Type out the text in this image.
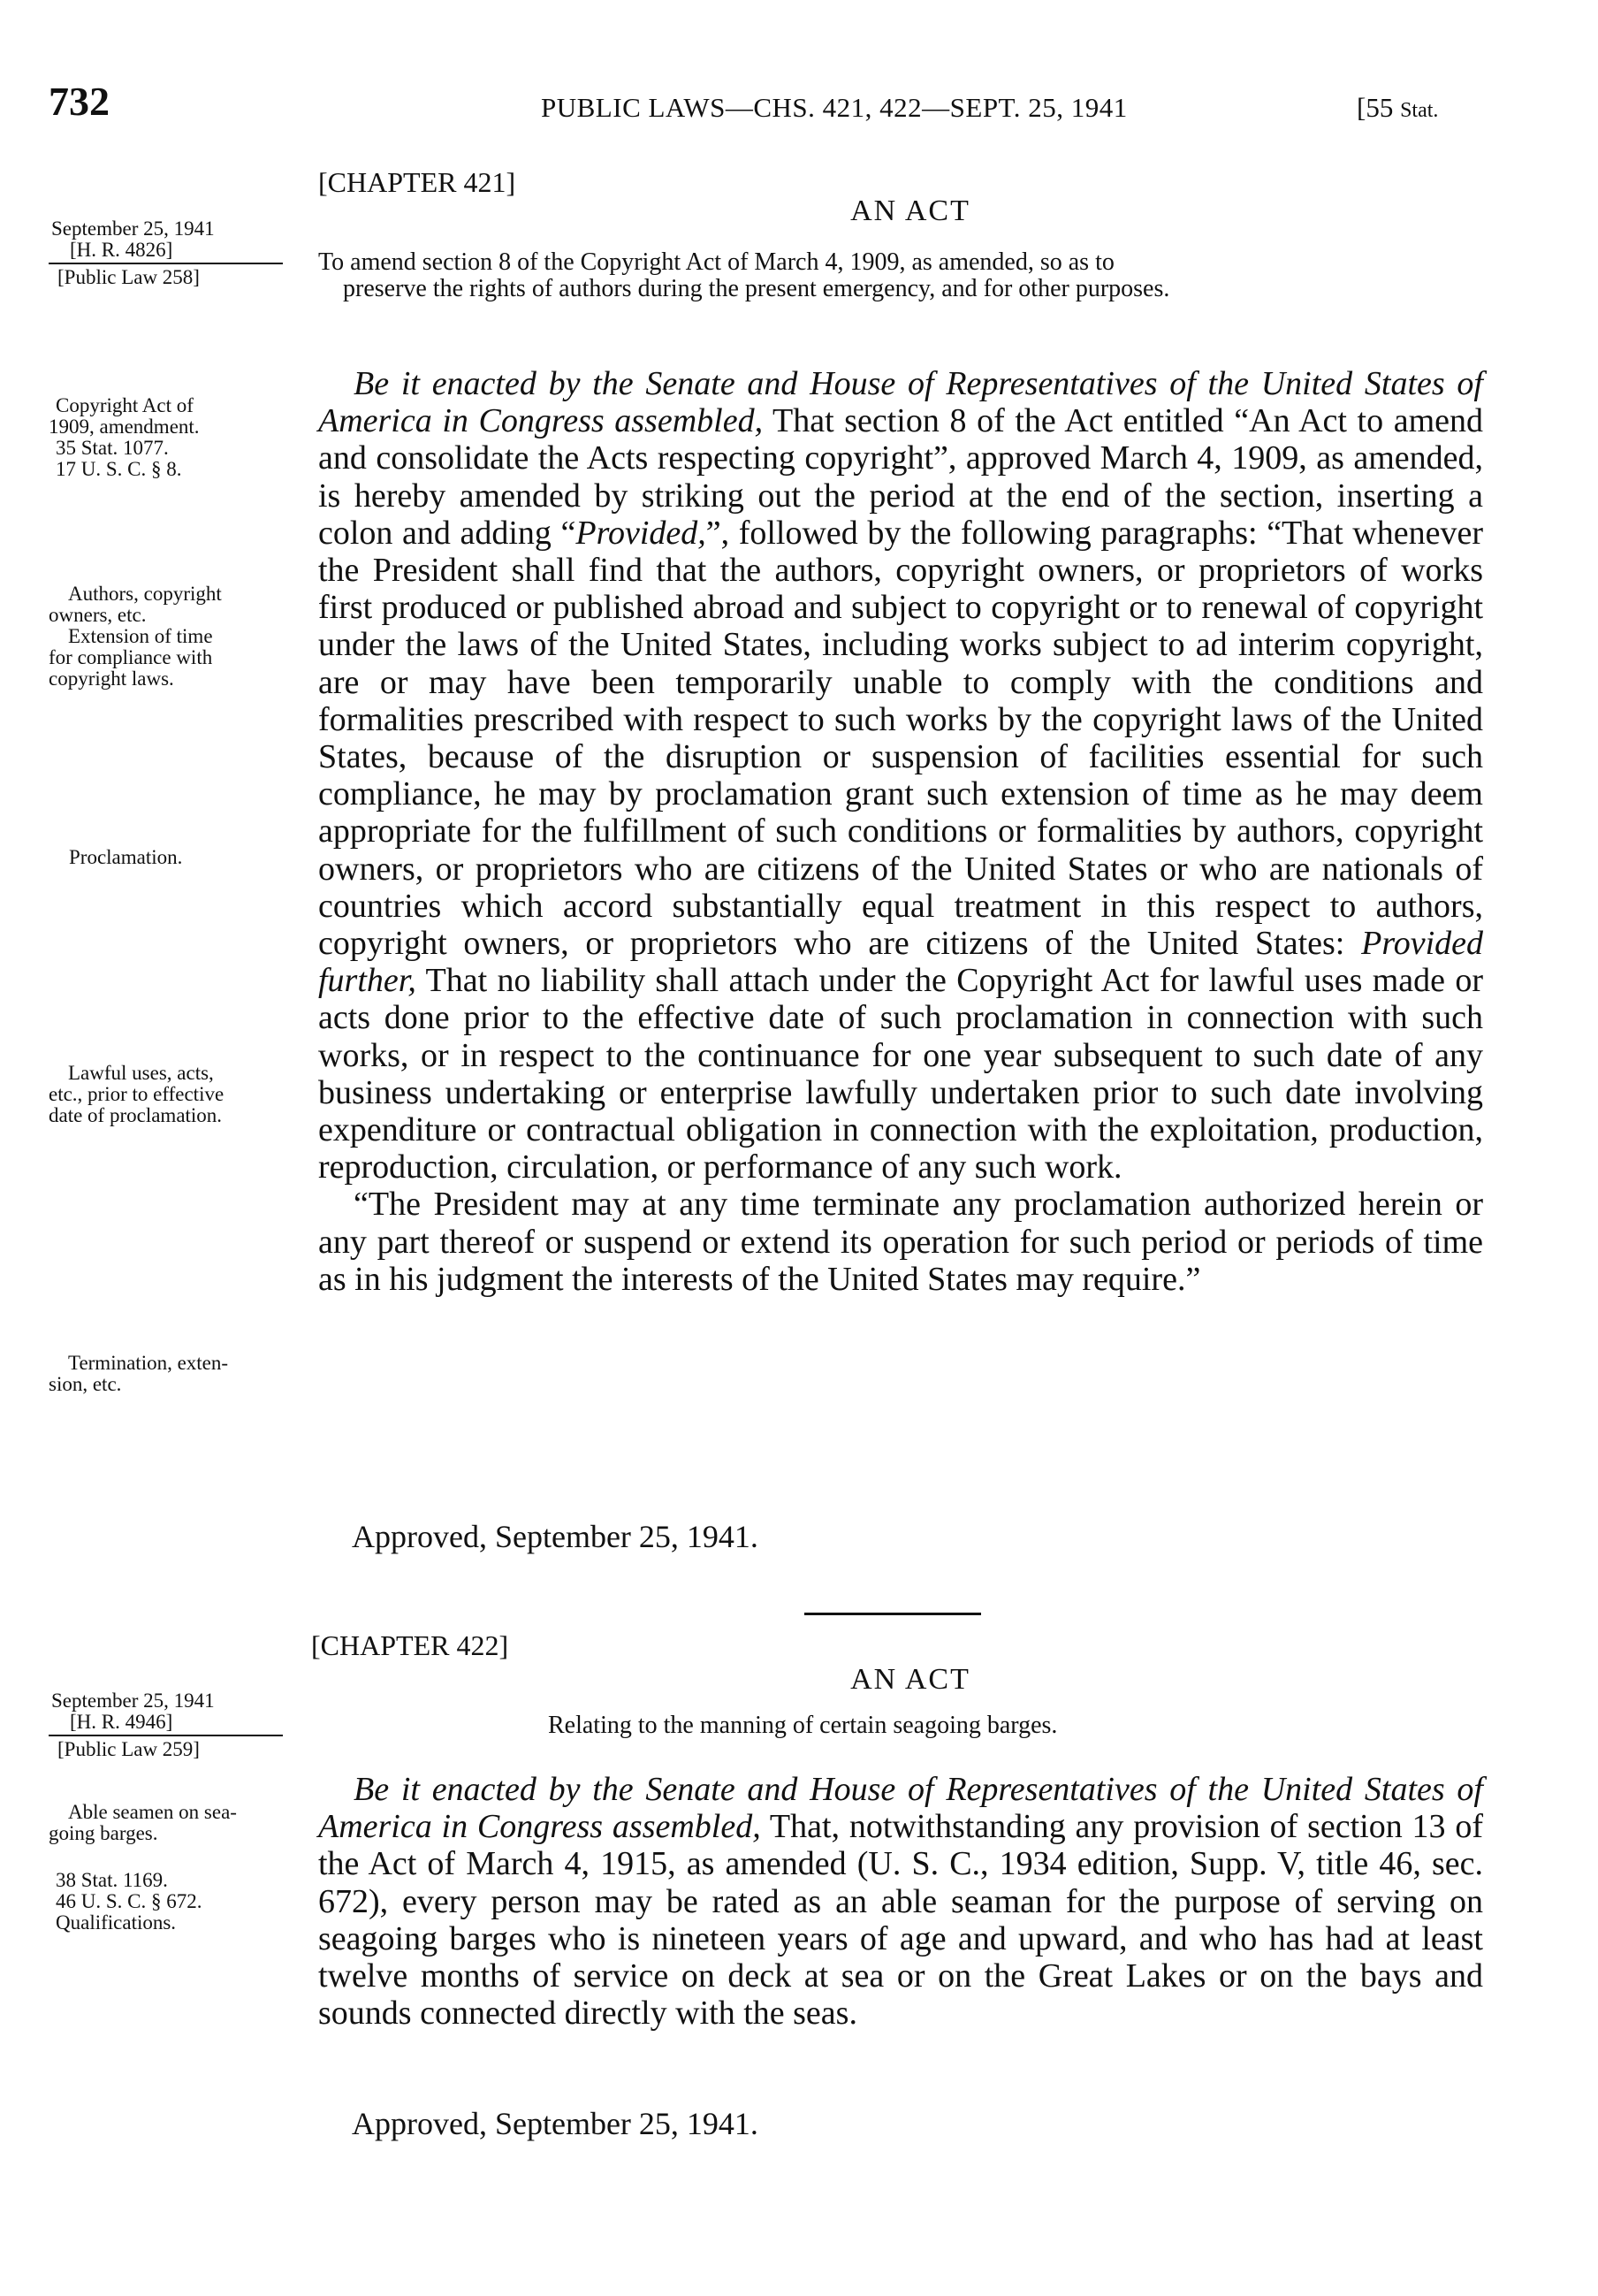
732	PUBLIC LAWS—CHS. 421, 422—SEPT. 25, 1941	[55 Stat.
September 25, 1941
[H. R. 4826]
[Public Law 258]
Copyright Act of
1909, amendment.
35 Stat. 1077.
17 U. S. C. § 8.
Authors, copyright
owners, etc.
Extension of time
for compliance with
copyright laws.
Proclamation.
Lawful uses, acts,
etc., prior to effective
date of proclamation.
Termination, exten-
sion, etc.
[CHAPTER 421]
AN ACT
To amend section 8 of the Copyright Act of March 4, 1909, as amended, so as to
preserve the rights of authors during the present emergency, and for other purposes.

Be it enacted by the Senate and House of Representatives of the United States of America in Congress assembled, That section 8 of the Act entitled “An Act to amend and consolidate the Acts respecting copyright”, approved March 4, 1909, as amended, is hereby amended by striking out the period at the end of the section, inserting a colon and adding “Provided,”, followed by the following paragraphs: “That whenever the President shall find that the authors, copyright owners, or proprietors of works first produced or published abroad and subject to copyright or to renewal of copyright under the laws of the United States, including works subject to ad interim copyright, are or may have been temporarily unable to comply with the conditions and formalities prescribed with respect to such works by the copyright laws of the United States, because of the disruption or suspension of facilities essential for such compliance, he may by proclamation grant such extension of time as he may deem appropriate for the fulfillment of such conditions or formalities by authors, copyright owners, or proprietors who are citizens of the United States or who are nationals of countries which accord substantially equal treatment in this respect to authors, copyright owners, or proprietors who are citizens of the United States: Provided further, That no liability shall attach under the Copyright Act for lawful uses made or acts done prior to the effective date of such proclamation in connection with such works, or in respect to the continuance for one year subsequent to such date of any business undertaking or enterprise lawfully undertaken prior to such date involving expenditure or contractual obligation in connection with the exploitation, production, reproduction, circulation, or performance of any such work.

“The President may at any time terminate any proclamation authorized herein or any part thereof or suspend or extend its operation for such period or periods of time as in his judgment the interests of the United States may require.”

Approved, September 25, 1941.
September 25, 1941
[H. R. 4946]
[Public Law 259]
Able seamen on sea-
going barges.
38 Stat. 1169.
46 U. S. C. § 672.
Qualifications.
[CHAPTER 422]
AN ACT
Relating to the manning of certain seagoing barges.

Be it enacted by the Senate and House of Representatives of the United States of America in Congress assembled, That, notwithstanding any provision of section 13 of the Act of March 4, 1915, as amended (U. S. C., 1934 edition, Supp. V, title 46, sec. 672), every person may be rated as an able seaman for the purpose of serving on seagoing barges who is nineteen years of age and upward, and who has had at least twelve months of service on deck at sea or on the Great Lakes or on the bays and sounds connected directly with the seas.

Approved, September 25, 1941.
